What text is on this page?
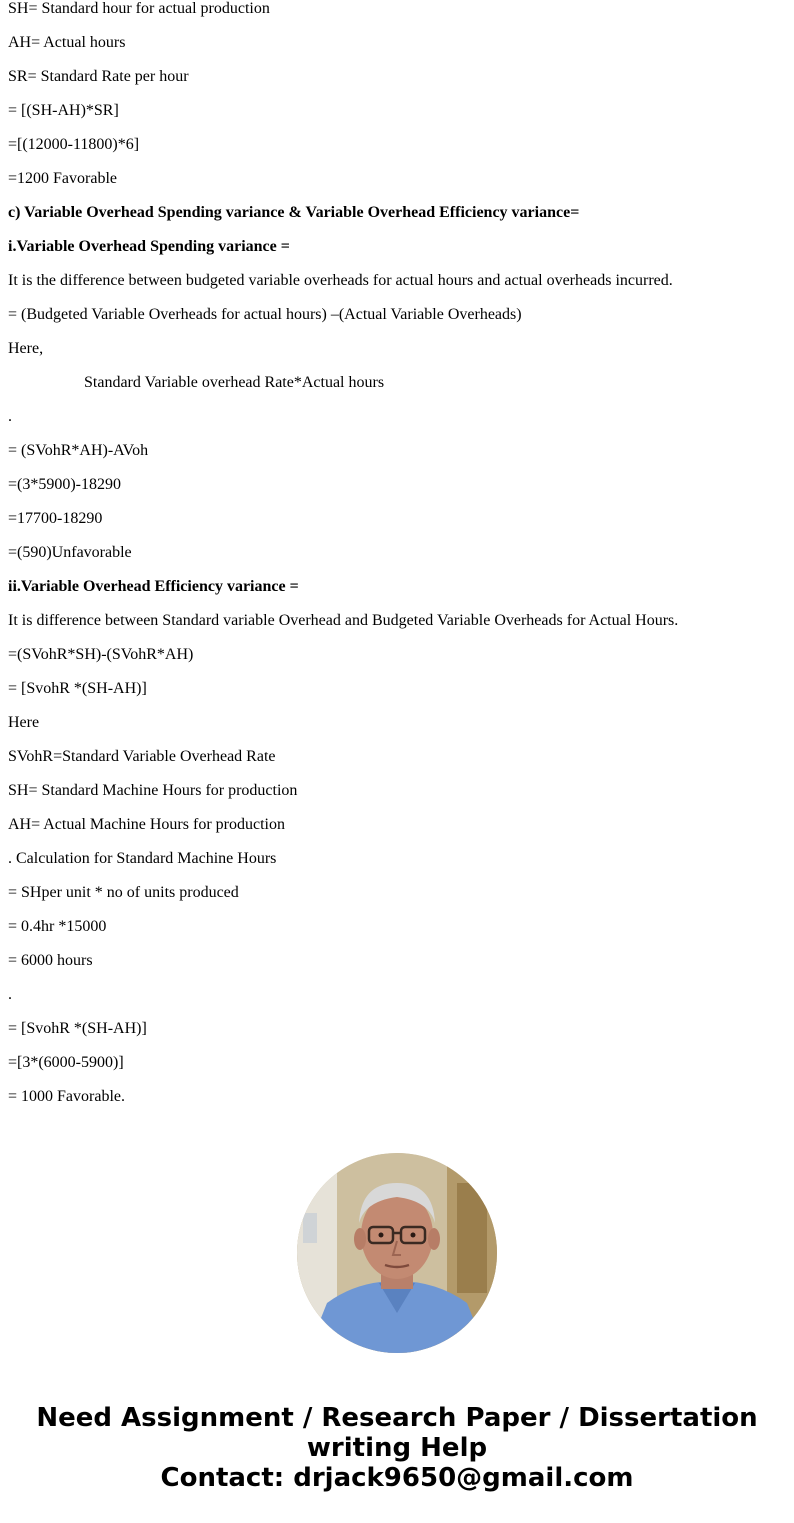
SH= Standard hour for actual production
AH= Actual hours
SR= Standard Rate per hour
= [(SH-AH)*SR]
=[(12000-11800)*6]
=1200 Favorable
c) Variable Overhead Spending variance & Variable Overhead Efficiency variance=
i.Variable Overhead Spending variance =
It is the difference between budgeted variable overheads for actual hours and actual overheads incurred.
= (Budgeted Variable Overheads for actual hours) –(Actual Variable Overheads)
Here,
Standard Variable overhead Rate*Actual hours
.
= (SVohR*AH)-AVoh
=(3*5900)-18290
=17700-18290
=(590)Unfavorable
ii.Variable Overhead Efficiency variance =
It is difference between Standard variable Overhead and Budgeted Variable Overheads for Actual Hours.
=(SVohR*SH)-(SVohR*AH)
= [SvohR *(SH-AH)]
Here
SVohR=Standard Variable Overhead Rate
SH= Standard Machine Hours for production
AH= Actual Machine Hours for production
. Calculation for Standard Machine Hours
= SHper unit * no of units produced
= 0.4hr *15000
= 6000 hours
.
= [SvohR *(SH-AH)]
=[3*(6000-5900)]
= 1000 Favorable.
Need Assignment / Research Paper / Dissertation
writing Help
Contact: drjack9650@gmail.com
